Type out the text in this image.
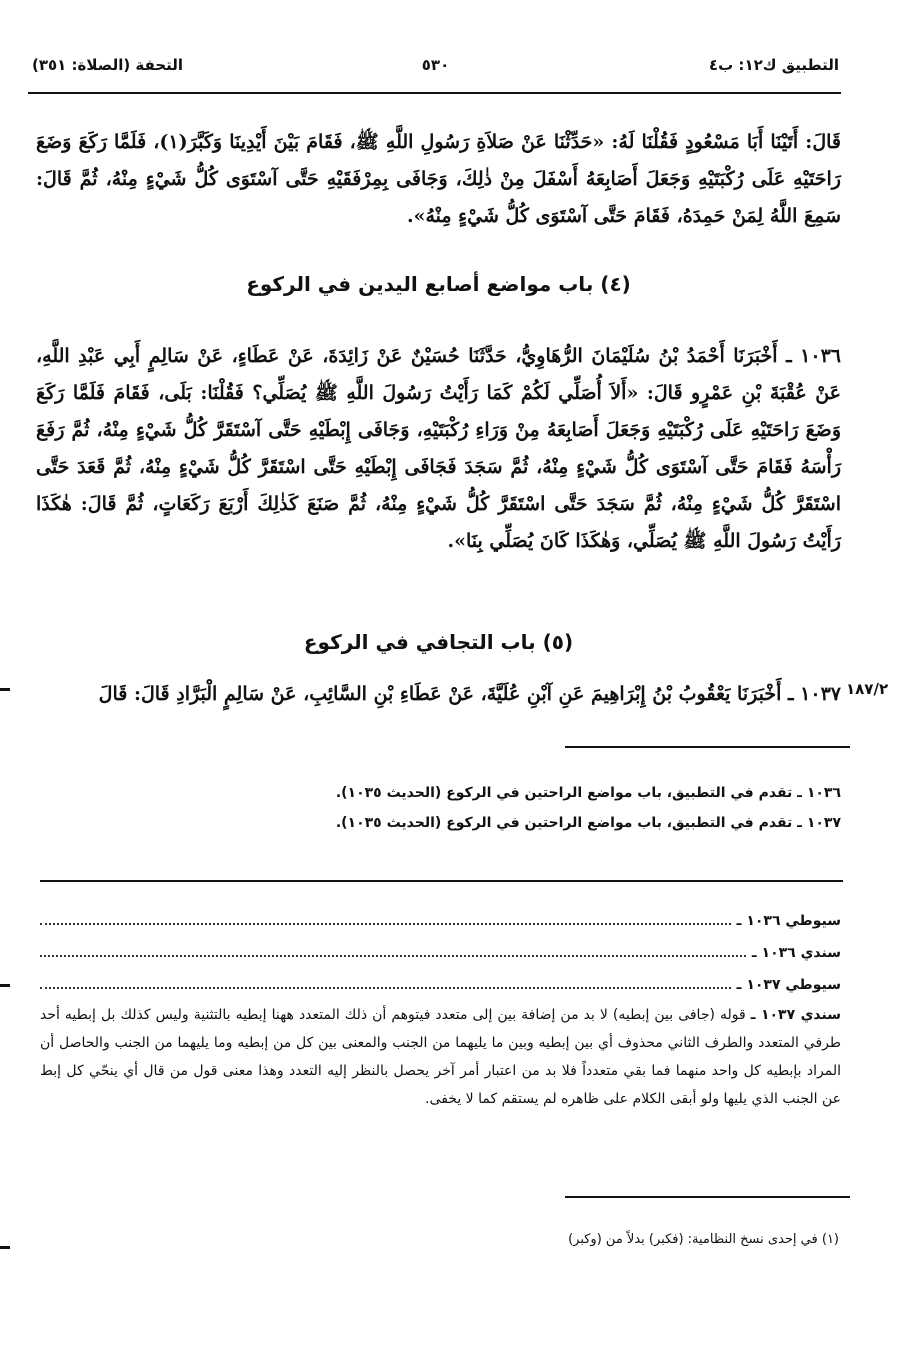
التطبيق ك١٢: ب٤
٥٣٠
التحفة (الصلاة: ٣٥١)

قَالَ: أَتَيْنَا أَبَا مَسْعُودٍ فَقُلْنَا لَهُ: «حَدِّثْنَا عَنْ صَلاَةِ رَسُولِ اللَّهِ ﷺ، فَقَامَ بَيْنَ أَيْدِينَا وَكَبَّرَ(١)، فَلَمَّا رَكَعَ وَضَعَ رَاحَتَيْهِ عَلَى رُكْبَتَيْهِ وَجَعَلَ أَصَابِعَهُ أَسْفَلَ مِنْ ذٰلِكَ، وَجَافَى بِمِرْفَقَيْهِ حَتَّى آسْتَوَى كُلُّ شَيْءٍ مِنْهُ، ثُمَّ قَالَ: سَمِعَ اللَّهُ لِمَنْ حَمِدَهُ، فَقَامَ حَتَّى آسْتَوَى كُلُّ شَيْءٍ مِنْهُ».

(٤) باب مواضع أصابع اليدين في الركوع

١٠٣٦ ـ أَخْبَرَنَا أَحْمَدُ بْنُ سُلَيْمَانَ الرُّهَاوِيُّ، حَدَّثَنَا حُسَيْنٌ عَنْ زَائِدَةَ، عَنْ عَطَاءٍ، عَنْ سَالِمٍ أَبِي عَبْدِ اللَّهِ، عَنْ عُقْبَةَ بْنِ عَمْرٍو قَالَ: «أَلاَ أُصَلِّي لَكُمْ كَمَا رَأَيْتُ رَسُولَ اللَّهِ ﷺ يُصَلِّي؟ فَقُلْنَا: بَلَى، فَقَامَ فَلَمَّا رَكَعَ وَضَعَ رَاحَتَيْهِ عَلَى رُكْبَتَيْهِ وَجَعَلَ أَصَابِعَهُ مِنْ وَرَاءِ رُكْبَتَيْهِ، وَجَافَى إِبْطَيْهِ حَتَّى آسْتَقَرَّ كُلُّ شَيْءٍ مِنْهُ، ثُمَّ رَفَعَ رَأْسَهُ فَقَامَ حَتَّى آسْتَوَى كُلُّ شَيْءٍ مِنْهُ، ثُمَّ سَجَدَ فَجَافَى إِبْطَيْهِ حَتَّى اسْتَقَرَّ كُلُّ شَيْءٍ مِنْهُ، ثُمَّ قَعَدَ حَتَّى اسْتَقَرَّ كُلُّ شَيْءٍ مِنْهُ، ثُمَّ سَجَدَ حَتَّى اسْتَقَرَّ كُلُّ شَيْءٍ مِنْهُ، ثُمَّ صَنَعَ كَذٰلِكَ أَرْبَعَ رَكَعَاتٍ، ثُمَّ قَالَ: هٰكَذَا رَأَيْتُ رَسُولَ اللَّهِ ﷺ يُصَلِّي، وَهٰكَذَا كَانَ يُصَلِّي بِنَا».

(٥) باب التجافي في الركوع

١٠٣٧ ـ أَخْبَرَنَا يَعْقُوبُ بْنُ إِبْرَاهِيمَ عَنِ آبْنِ عُلَيَّةَ، عَنْ عَطَاءِ بْنِ السَّائِبِ، عَنْ سَالِمٍ الْبَرَّادِ قَالَ: قَالَ ١٨٧/٢

١٠٣٦ ـ تقدم في التطبيق، باب مواضع الراحتين في الركوع (الحديث ١٠٣٥).

١٠٣٧ ـ تقدم في التطبيق، باب مواضع الراحتين في الركوع (الحديث ١٠٣٥).

سيوطي ١٠٣٦ ـ
سندي ١٠٣٦ ـ
سيوطي ١٠٣٧ ـ

سندي ١٠٣٧ ـ قوله (جافى بين إبطيه) لا بد من إضافة بين إلى متعدد فيتوهم أن ذلك المتعدد ههنا إبطيه بالتثنية وليس كذلك بل إبطيه أحد طرفي المتعدد والطرف الثاني محذوف أي بين إبطيه وبين ما يليهما من الجنب والمعنى بين كل من إبطيه وما يليهما من الجنب والحاصل أن المراد بإبطيه كل واحد منهما فما بقي متعدداً فلا بد من اعتبار أمر آخر يحصل بالنظر إليه التعدد وهذا معنى قول من قال أي ينحّي كل إبط عن الجنب الذي يليها ولو أبقى الكلام على ظاهره لم يستقم كما لا يخفى.

(١) في إحدى نسخ النظامية: (فكبر) بدلاً من (وكبر)
